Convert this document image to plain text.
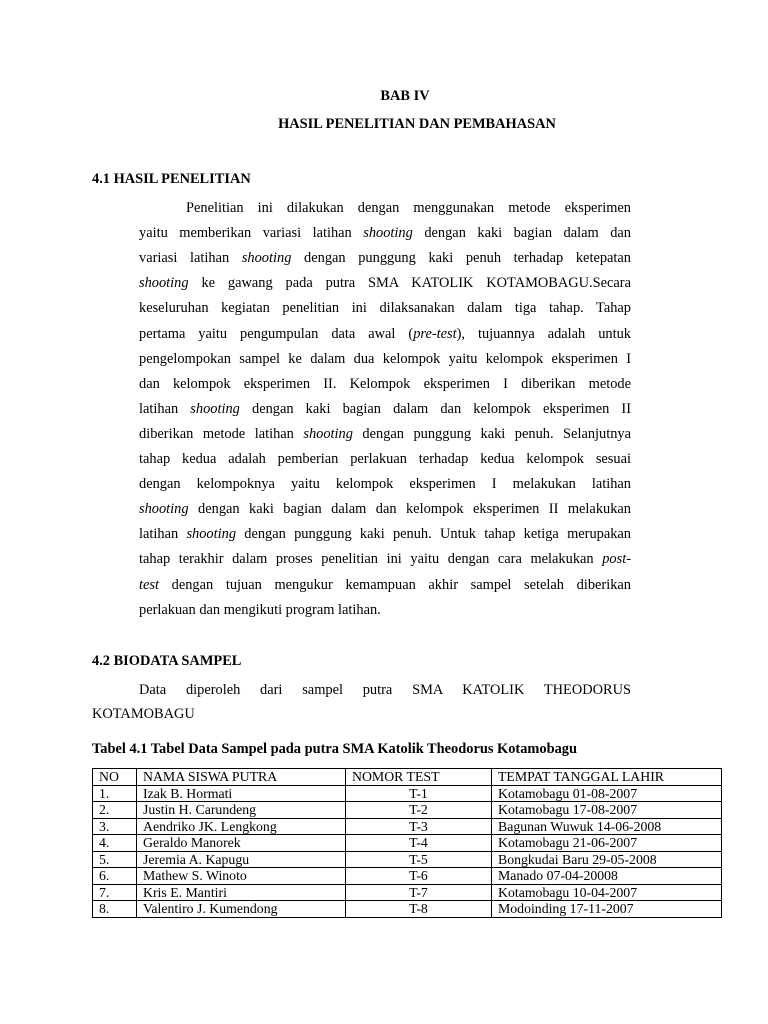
BAB IV
HASIL PENELITIAN DAN PEMBAHASAN
4.1 HASIL PENELITIAN
Penelitian ini dilakukan dengan menggunakan metode eksperimen
yaitu memberikan variasi latihan shooting dengan kaki bagian dalam dan
variasi latihan shooting dengan punggung kaki penuh terhadap ketepatan
shooting ke gawang pada putra SMA KATOLIK KOTAMOBAGU.Secara
keseluruhan kegiatan penelitian ini dilaksanakan dalam tiga tahap. Tahap
pertama yaitu pengumpulan data awal (pre-test), tujuannya adalah untuk
pengelompokan sampel ke dalam dua kelompok yaitu kelompok eksperimen I
dan kelompok eksperimen II. Kelompok eksperimen I diberikan metode
latihan shooting dengan kaki bagian dalam dan kelompok eksperimen II
diberikan metode latihan shooting dengan punggung kaki penuh. Selanjutnya
tahap kedua adalah pemberian perlakuan terhadap kedua kelompok sesuai
dengan kelompoknya yaitu kelompok eksperimen I melakukan latihan
shooting dengan kaki bagian dalam dan kelompok eksperimen II melakukan
latihan shooting dengan punggung kaki penuh. Untuk tahap ketiga merupakan
tahap terakhir dalam proses penelitian ini yaitu dengan cara melakukan post-
test dengan tujuan mengukur kemampuan akhir sampel setelah diberikan
perlakuan dan mengikuti program latihan.
4.2 BIODATA SAMPEL
Data diperoleh dari sampel putra SMA KATOLIK THEODORUS
KOTAMOBAGU
Tabel 4.1 Tabel Data Sampel pada putra SMA Katolik Theodorus Kotamobagu
NO	NAMA SISWA PUTRA	NOMOR TEST	TEMPAT TANGGAL LAHIR
1.	Izak B. Hormati	T-1	Kotamobagu 01-08-2007
2.	Justin H. Carundeng	T-2	Kotamobagu 17-08-2007
3.	Aendriko JK. Lengkong	T-3	Bagunan Wuwuk 14-06-2008
4.	Geraldo Manorek	T-4	Kotamobagu 21-06-2007
5.	Jeremia A. Kapugu	T-5	Bongkudai Baru 29-05-2008
6.	Mathew S. Winoto	T-6	Manado 07-04-20008
7.	Kris E. Mantiri	T-7	Kotamobagu 10-04-2007
8.	Valentiro J. Kumendong	T-8	Modoinding 17-11-2007
